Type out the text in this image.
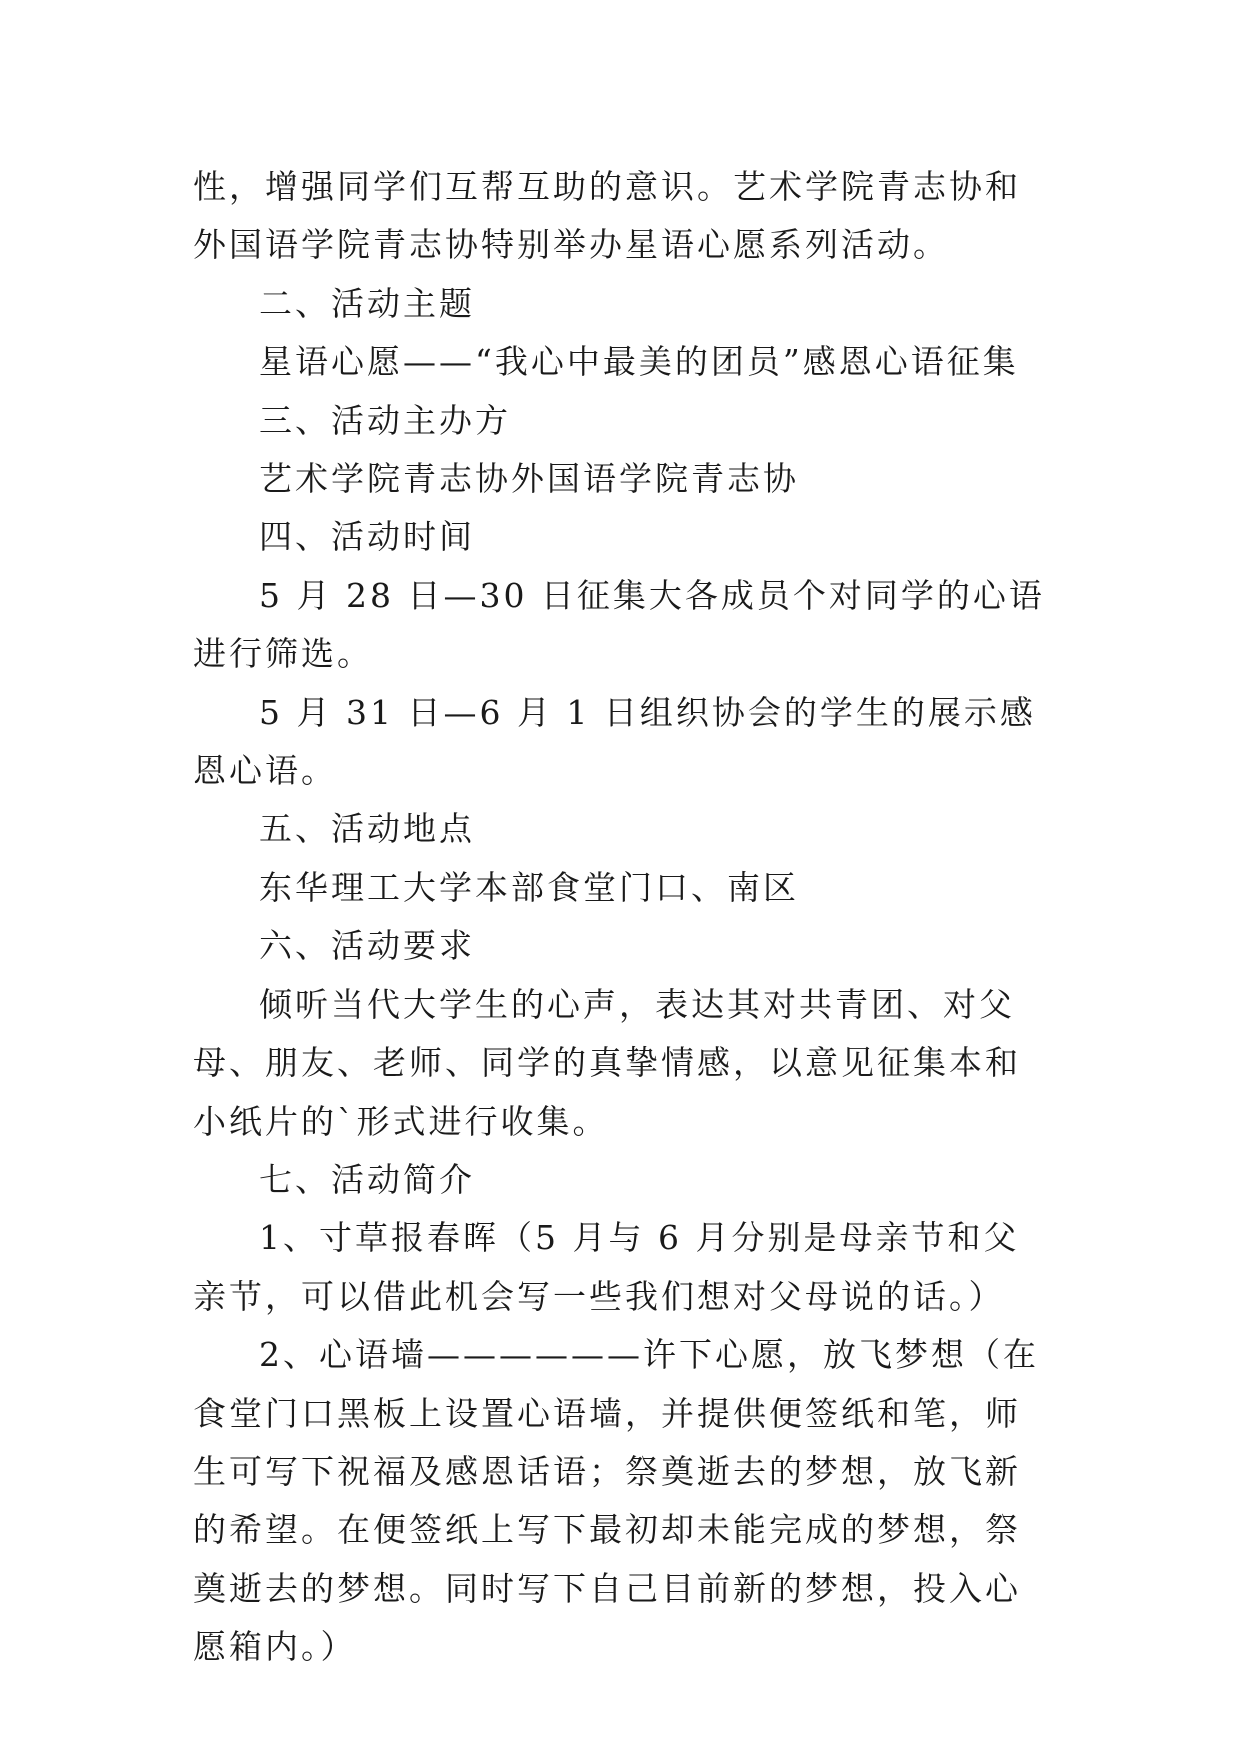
性，增强同学们互帮互助的意识。艺术学院青志协和外国语学院青志协特别举办星语心愿系列活动。

二、活动主题

星语心愿——“我心中最美的团员”感恩心语征集

三、活动主办方

艺术学院青志协外国语学院青志协

四、活动时间

5 月 28 日—30 日征集大各成员个对同学的心语进行筛选。

5 月 31 日—6 月 1 日组织协会的学生的展示感恩心语。

五、活动地点

东华理工大学本部食堂门口、南区

六、活动要求

倾听当代大学生的心声，表达其对共青团、对父母、朋友、老师、同学的真挚情感，以意见征集本和小纸片的`形式进行收集。

七、活动简介

1、寸草报春晖（5 月与 6 月分别是母亲节和父亲节，可以借此机会写一些我们想对父母说的话。）

2、心语墙——————许下心愿，放飞梦想（在食堂门口黑板上设置心语墙，并提供便签纸和笔，师生可写下祝福及感恩话语；祭奠逝去的梦想，放飞新的希望。在便签纸上写下最初却未能完成的梦想，祭奠逝去的梦想。同时写下自己目前新的梦想，投入心愿箱内。）
